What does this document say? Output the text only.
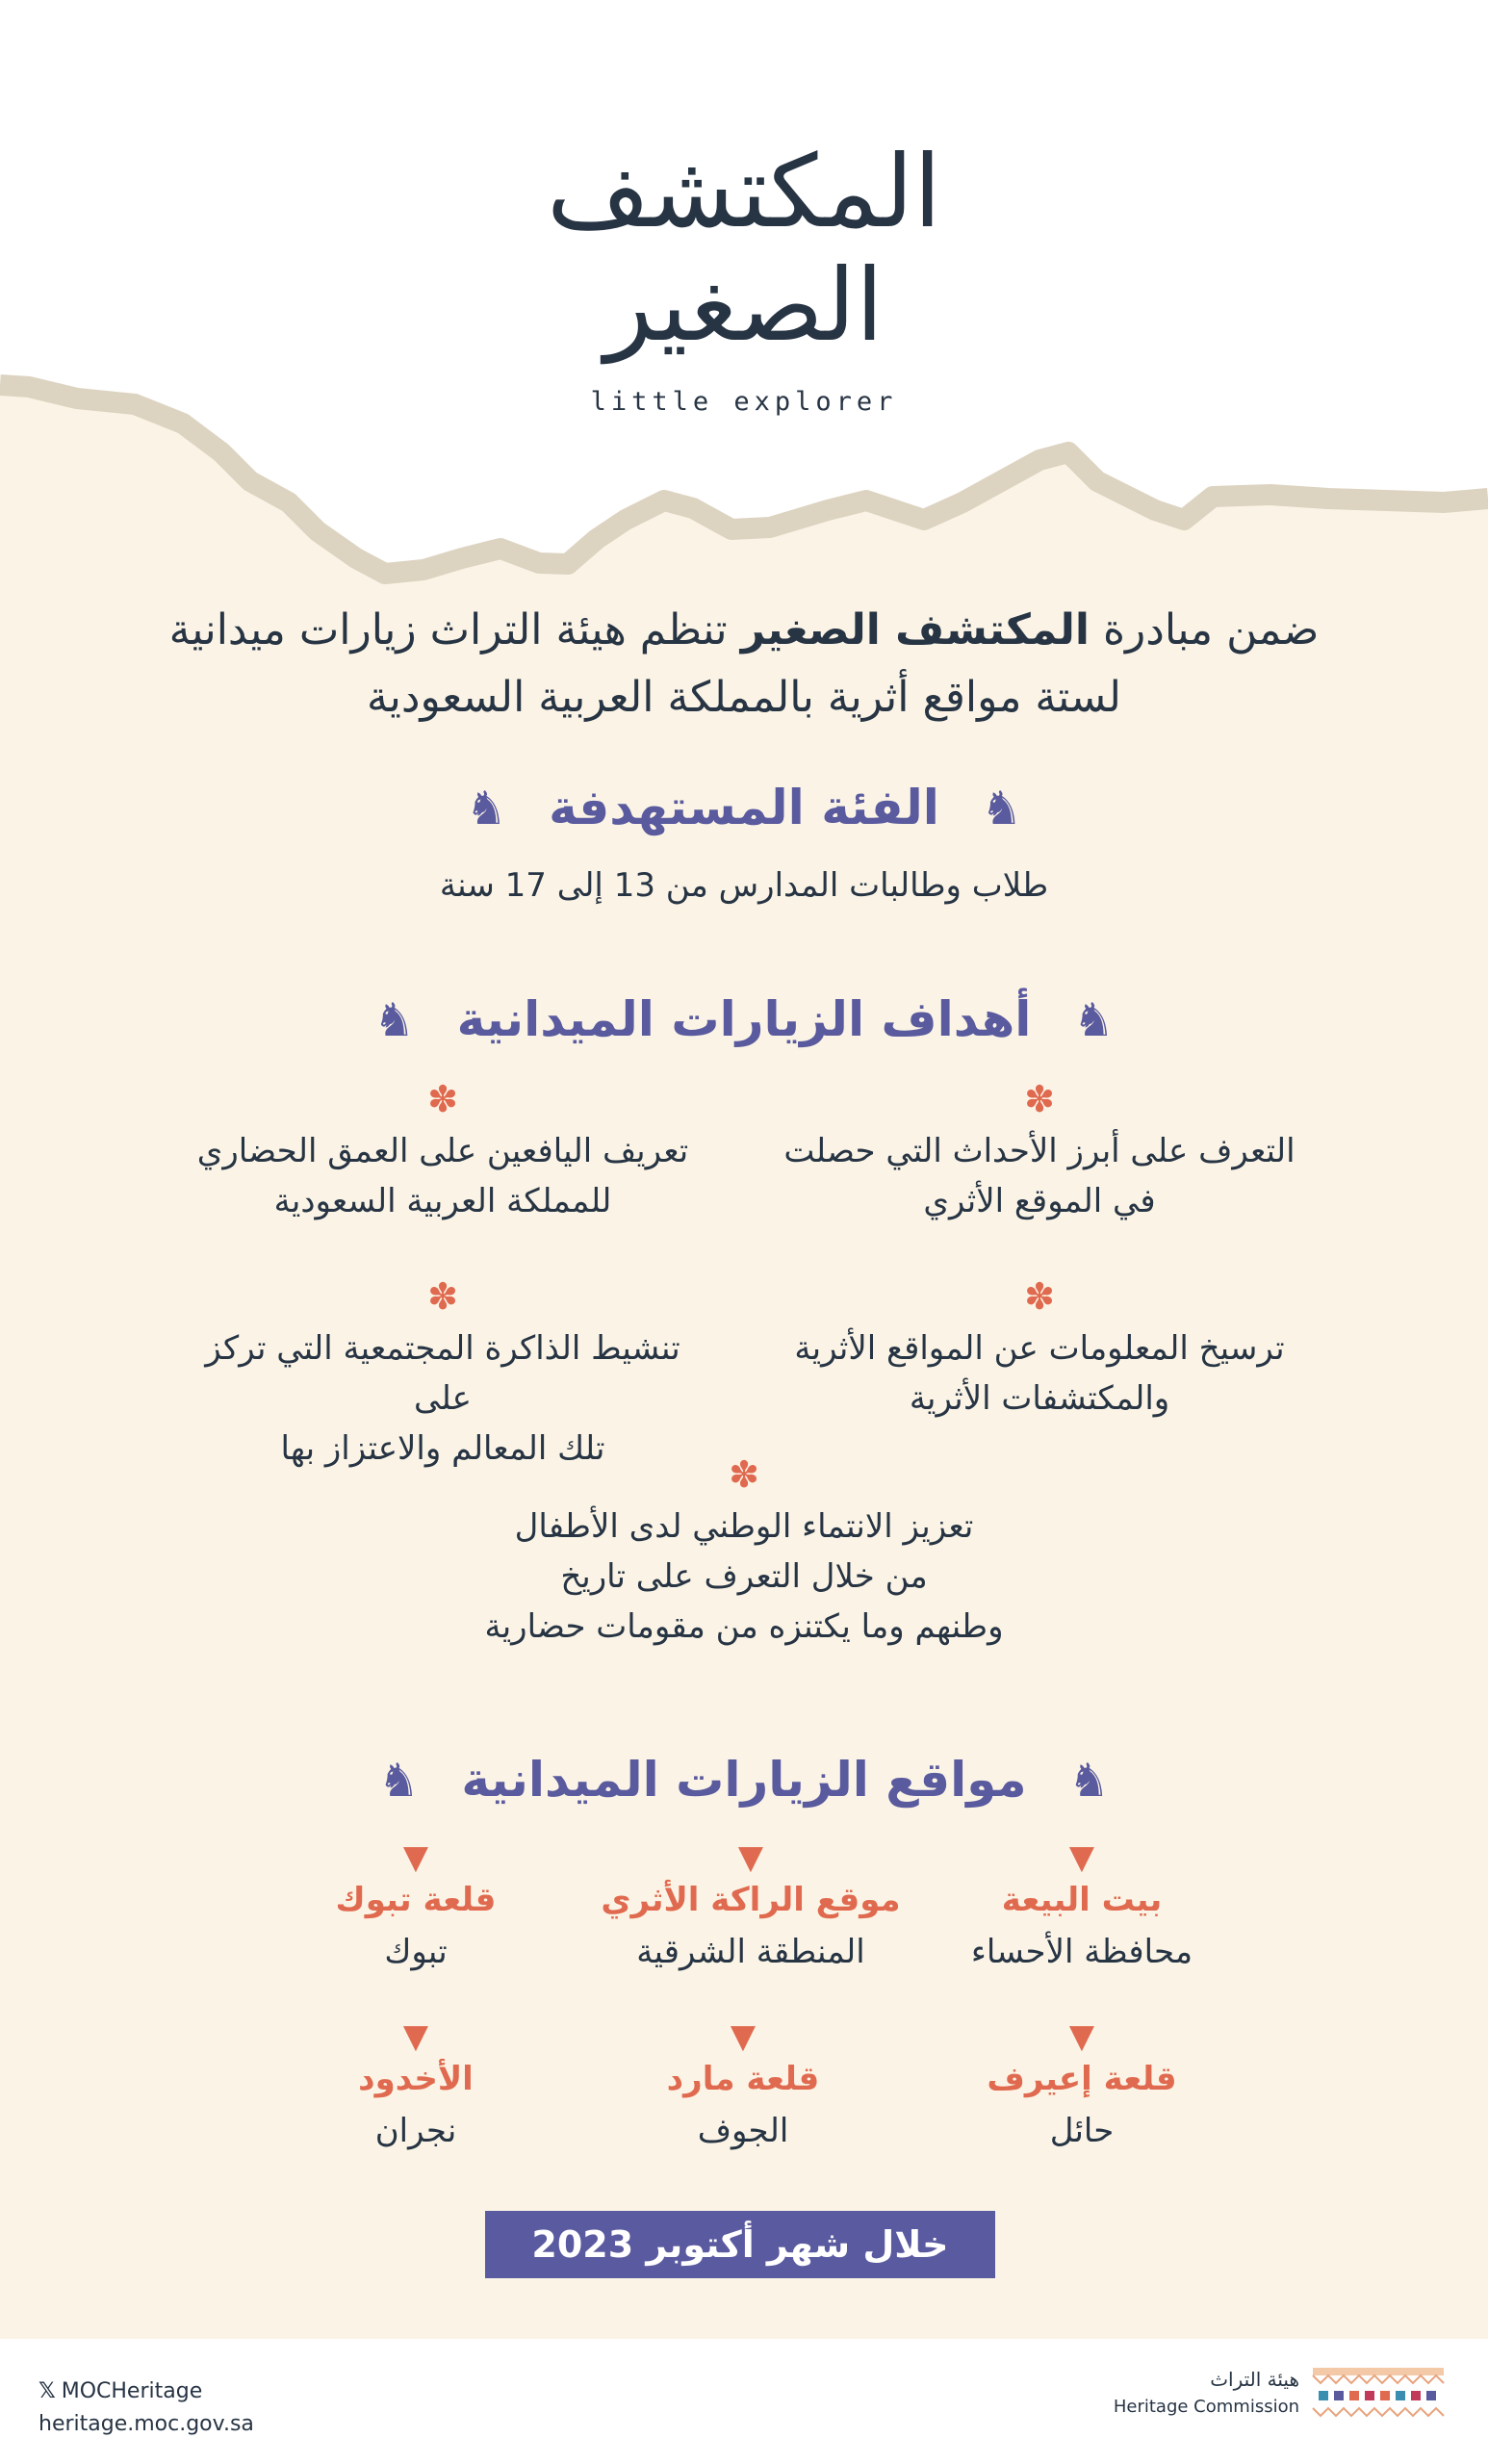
المكتشف
الصغير
little explorer
ضمن مبادرة المكتشف الصغير تنظم هيئة التراث زيارات ميدانية
لستة مواقع أثرية بالمملكة العربية السعودية
♞ الفئة المستهدفة ♞
طلاب وطالبات المدارس من 13 إلى 17 سنة
♞ أهداف الزيارات الميدانية ♞
✽
التعرف على أبرز الأحداث التي حصلت
في الموقع الأثري
✽
تعريف اليافعين على العمق الحضاري
للمملكة العربية السعودية
✽
ترسيخ المعلومات عن المواقع الأثرية
والمكتشفات الأثرية
✽
تنشيط الذاكرة المجتمعية التي تركز على
تلك المعالم والاعتزاز بها
✽
تعزيز الانتماء الوطني لدى الأطفال
من خلال التعرف على تاريخ
وطنهم وما يكتنزه من مقومات حضارية
♞ مواقع الزيارات الميدانية ♞
▼
بيت البيعة
محافظة الأحساء
▼
موقع الراكة الأثري
المنطقة الشرقية
▼
قلعة تبوك
تبوك
▼
قلعة إعيرف
حائل
▼
قلعة مارد
الجوف
▼
الأخدود
نجران
خلال شهر أكتوبر 2023
𝕏 MOCHeritage
heritage.moc.gov.sa
هيئة التراث
Heritage Commission
